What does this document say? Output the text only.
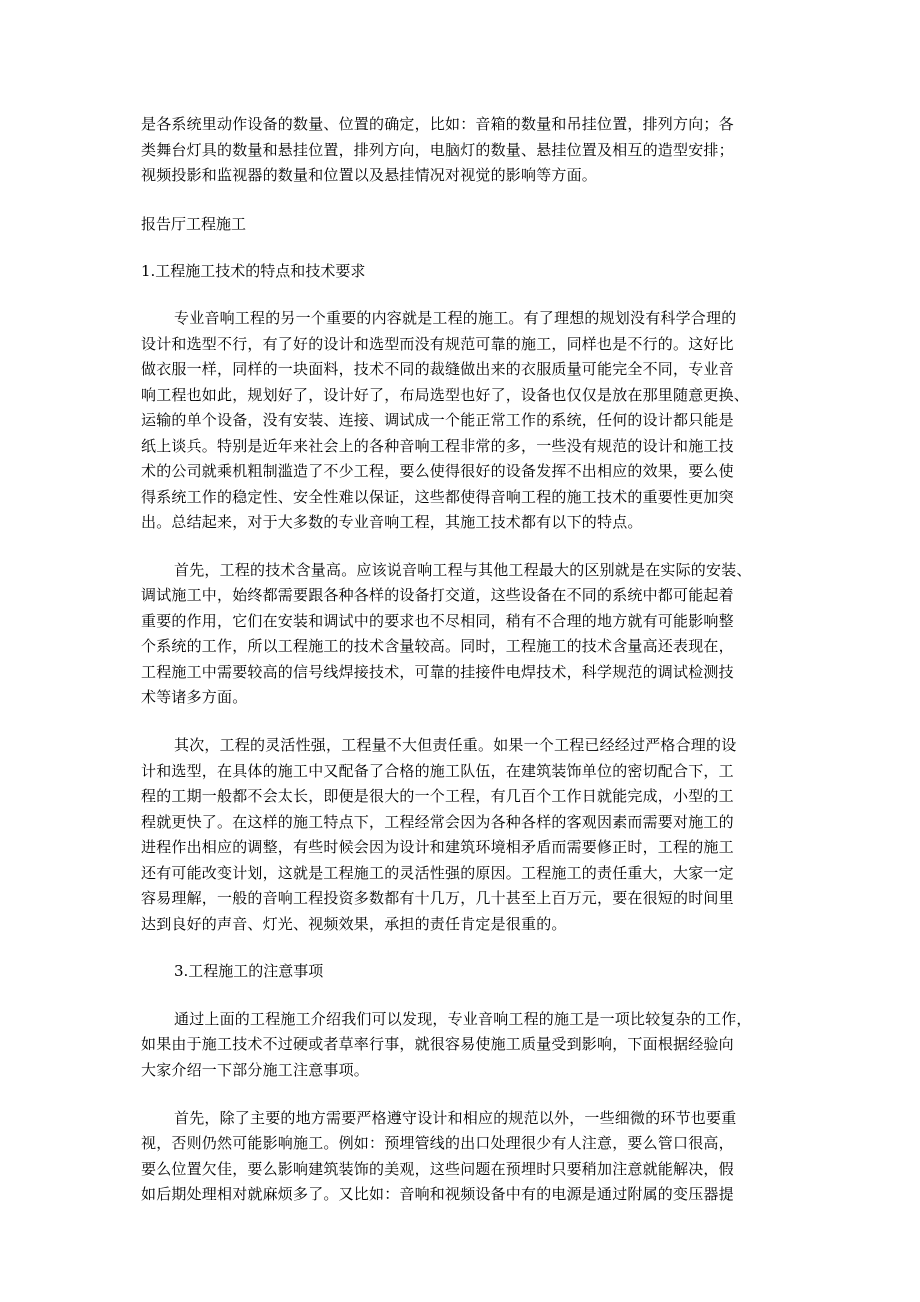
是各系统里动作设备的数量、位置的确定，比如：音箱的数量和吊挂位置，排列方向；各
类舞台灯具的数量和悬挂位置，排列方向，电脑灯的数量、悬挂位置及相互的造型安排；
视频投影和监视器的数量和位置以及悬挂情况对视觉的影响等方面。
报告厅工程施工
1.工程施工技术的特点和技术要求
专业音响工程的另一个重要的内容就是工程的施工。有了理想的规划没有科学合理的
设计和选型不行，有了好的设计和选型而没有规范可靠的施工，同样也是不行的。这好比
做衣服一样，同样的一块面料，技术不同的裁缝做出来的衣服质量可能完全不同，专业音
响工程也如此，规划好了，设计好了，布局选型也好了，设备也仅仅是放在那里随意更换、
运输的单个设备，没有安装、连接、调试成一个能正常工作的系统，任何的设计都只能是
纸上谈兵。特别是近年来社会上的各种音响工程非常的多，一些没有规范的设计和施工技
术的公司就乘机粗制滥造了不少工程，要么使得很好的设备发挥不出相应的效果，要么使
得系统工作的稳定性、安全性难以保证，这些都使得音响工程的施工技术的重要性更加突
出。总结起来，对于大多数的专业音响工程，其施工技术都有以下的特点。
首先，工程的技术含量高。应该说音响工程与其他工程最大的区别就是在实际的安装、
调试施工中，始终都需要跟各种各样的设备打交道，这些设备在不同的系统中都可能起着
重要的作用，它们在安装和调试中的要求也不尽相同，稍有不合理的地方就有可能影响整
个系统的工作，所以工程施工的技术含量较高。同时，工程施工的技术含量高还表现在，
工程施工中需要较高的信号线焊接技术，可靠的挂接件电焊技术，科学规范的调试检测技
术等诸多方面。
其次，工程的灵活性强，工程量不大但责任重。如果一个工程已经经过严格合理的设
计和选型，在具体的施工中又配备了合格的施工队伍，在建筑装饰单位的密切配合下，工
程的工期一般都不会太长，即便是很大的一个工程，有几百个工作日就能完成，小型的工
程就更快了。在这样的施工特点下，工程经常会因为各种各样的客观因素而需要对施工的
进程作出相应的调整，有些时候会因为设计和建筑环境相矛盾而需要修正时，工程的施工
还有可能改变计划，这就是工程施工的灵活性强的原因。工程施工的责任重大，大家一定
容易理解，一般的音响工程投资多数都有十几万，几十甚至上百万元，要在很短的时间里
达到良好的声音、灯光、视频效果，承担的责任肯定是很重的。
3.工程施工的注意事项
通过上面的工程施工介绍我们可以发现，专业音响工程的施工是一项比较复杂的工作，
如果由于施工技术不过硬或者草率行事，就很容易使施工质量受到影响，下面根据经验向
大家介绍一下部分施工注意事项。
首先，除了主要的地方需要严格遵守设计和相应的规范以外，一些细微的环节也要重
视，否则仍然可能影响施工。例如：预埋管线的出口处理很少有人注意，要么管口很高，
要么位置欠佳，要么影响建筑装饰的美观，这些问题在预埋时只要稍加注意就能解决，假
如后期处理相对就麻烦多了。又比如：音响和视频设备中有的电源是通过附属的变压器提
